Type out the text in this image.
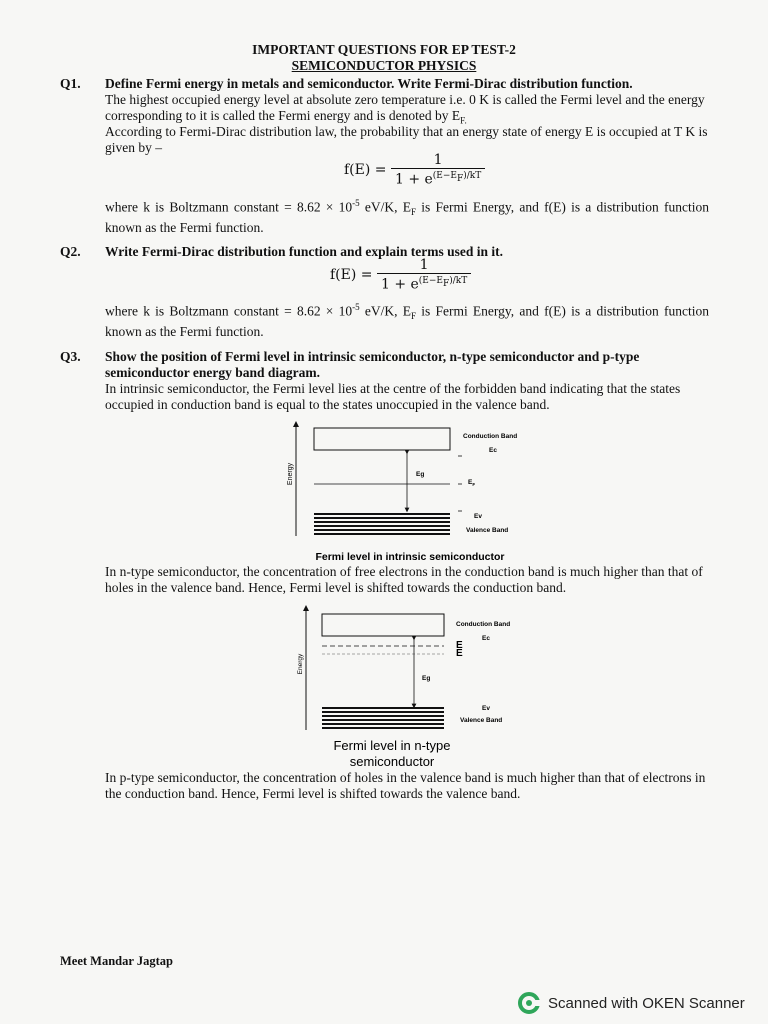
IMPORTANT QUESTIONS FOR EP TEST-2
SEMICONDUCTOR PHYSICS
Q1. Define Fermi energy in metals and semiconductor. Write Fermi-Dirac distribution function.
The highest occupied energy level at absolute zero temperature i.e. 0 K is called the Fermi level and the energy corresponding to it is called the Fermi energy and is denoted by $E_{F.}$
According to Fermi-Dirac distribution law, the probability that an energy state of energy E is occupied at T K is given by –
$f(E) = \frac{1}{1 + e^{(E-E_F)/kT}}$
where k is Boltzmann constant = $8.62 \times 10^{-5}$ eV/K, $E_F$ is Fermi Energy, and f(E) is a distribution function known as the Fermi function.
Q2. Write Fermi-Dirac distribution function and explain terms used in it.
$f(E) = \frac{1}{1 + e^{(E-E_F)/kT}}$
where k is Boltzmann constant = $8.62 \times 10^{-5}$ eV/K, $E_F$ is Fermi Energy, and f(E) is a distribution function known as the Fermi function.
Q3. Show the position of Fermi level in intrinsic semiconductor, n-type semiconductor and p-type semiconductor energy band diagram.
In intrinsic semiconductor, the Fermi level lies at the centre of the forbidden band indicating that the states occupied in conduction band is equal to the states unoccupied in the valence band.
Energy
Conduction Band
Ec
Eg
$E_F$
Ev
Valence Band
Fermi level in intrinsic semiconductor
In n-type semiconductor, the concentration of free electrons in the conduction band is much higher than that of holes in the valence band. Hence, Fermi level is shifted towards the conduction band.
Energy
Conduction Band
Ec
Eg
E
E
Ev
Valence Band
Fermi level in n-type
semiconductor
In p-type semiconductor, the concentration of holes in the valence band is much higher than that of electrons in the conduction band. Hence, Fermi level is shifted towards the valence band.
Meet Mandar Jagtap
Scanned with OKEN Scanner
